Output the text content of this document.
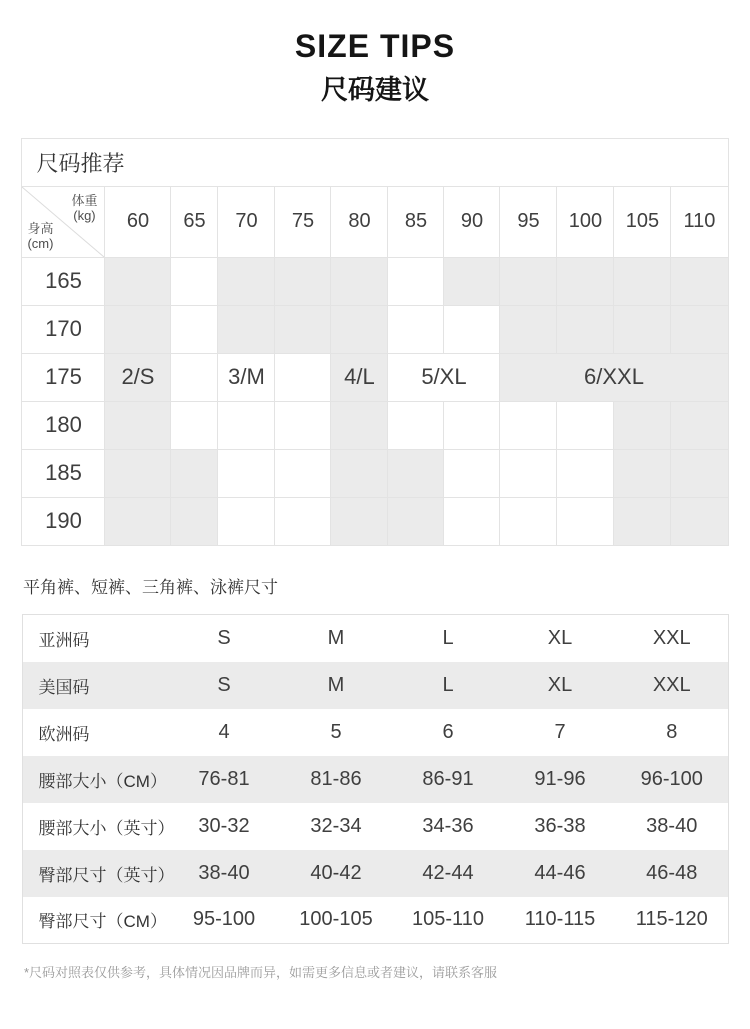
SIZE TIPS
尺码建议
尺码推荐											

体重
(kg)
身高
(cm)	60	65	70	75	80	85	90	95	100	105	110
165											
170											
175	2/S		3/M		4/L	5/XL		6/XXL			
180											
185											
190											
平角裤、短裤、三角裤、泳裤尺寸
亚洲码	S	M	L	XL	XXL
美国码	S	M	L	XL	XXL
欧洲码	4	5	6	7	8
腰部大小（CM）	76-81	81-86	86-91	91-96	96-100
腰部大小（英寸）	30-32	32-34	34-36	36-38	38-40
臀部尺寸（英寸）	38-40	40-42	42-44	44-46	46-48
臀部尺寸（CM）	95-100	100-105	105-110	110-115	115-120
*尺码对照表仅供参考，具体情况因品牌而异，如需更多信息或者建议，请联系客服
